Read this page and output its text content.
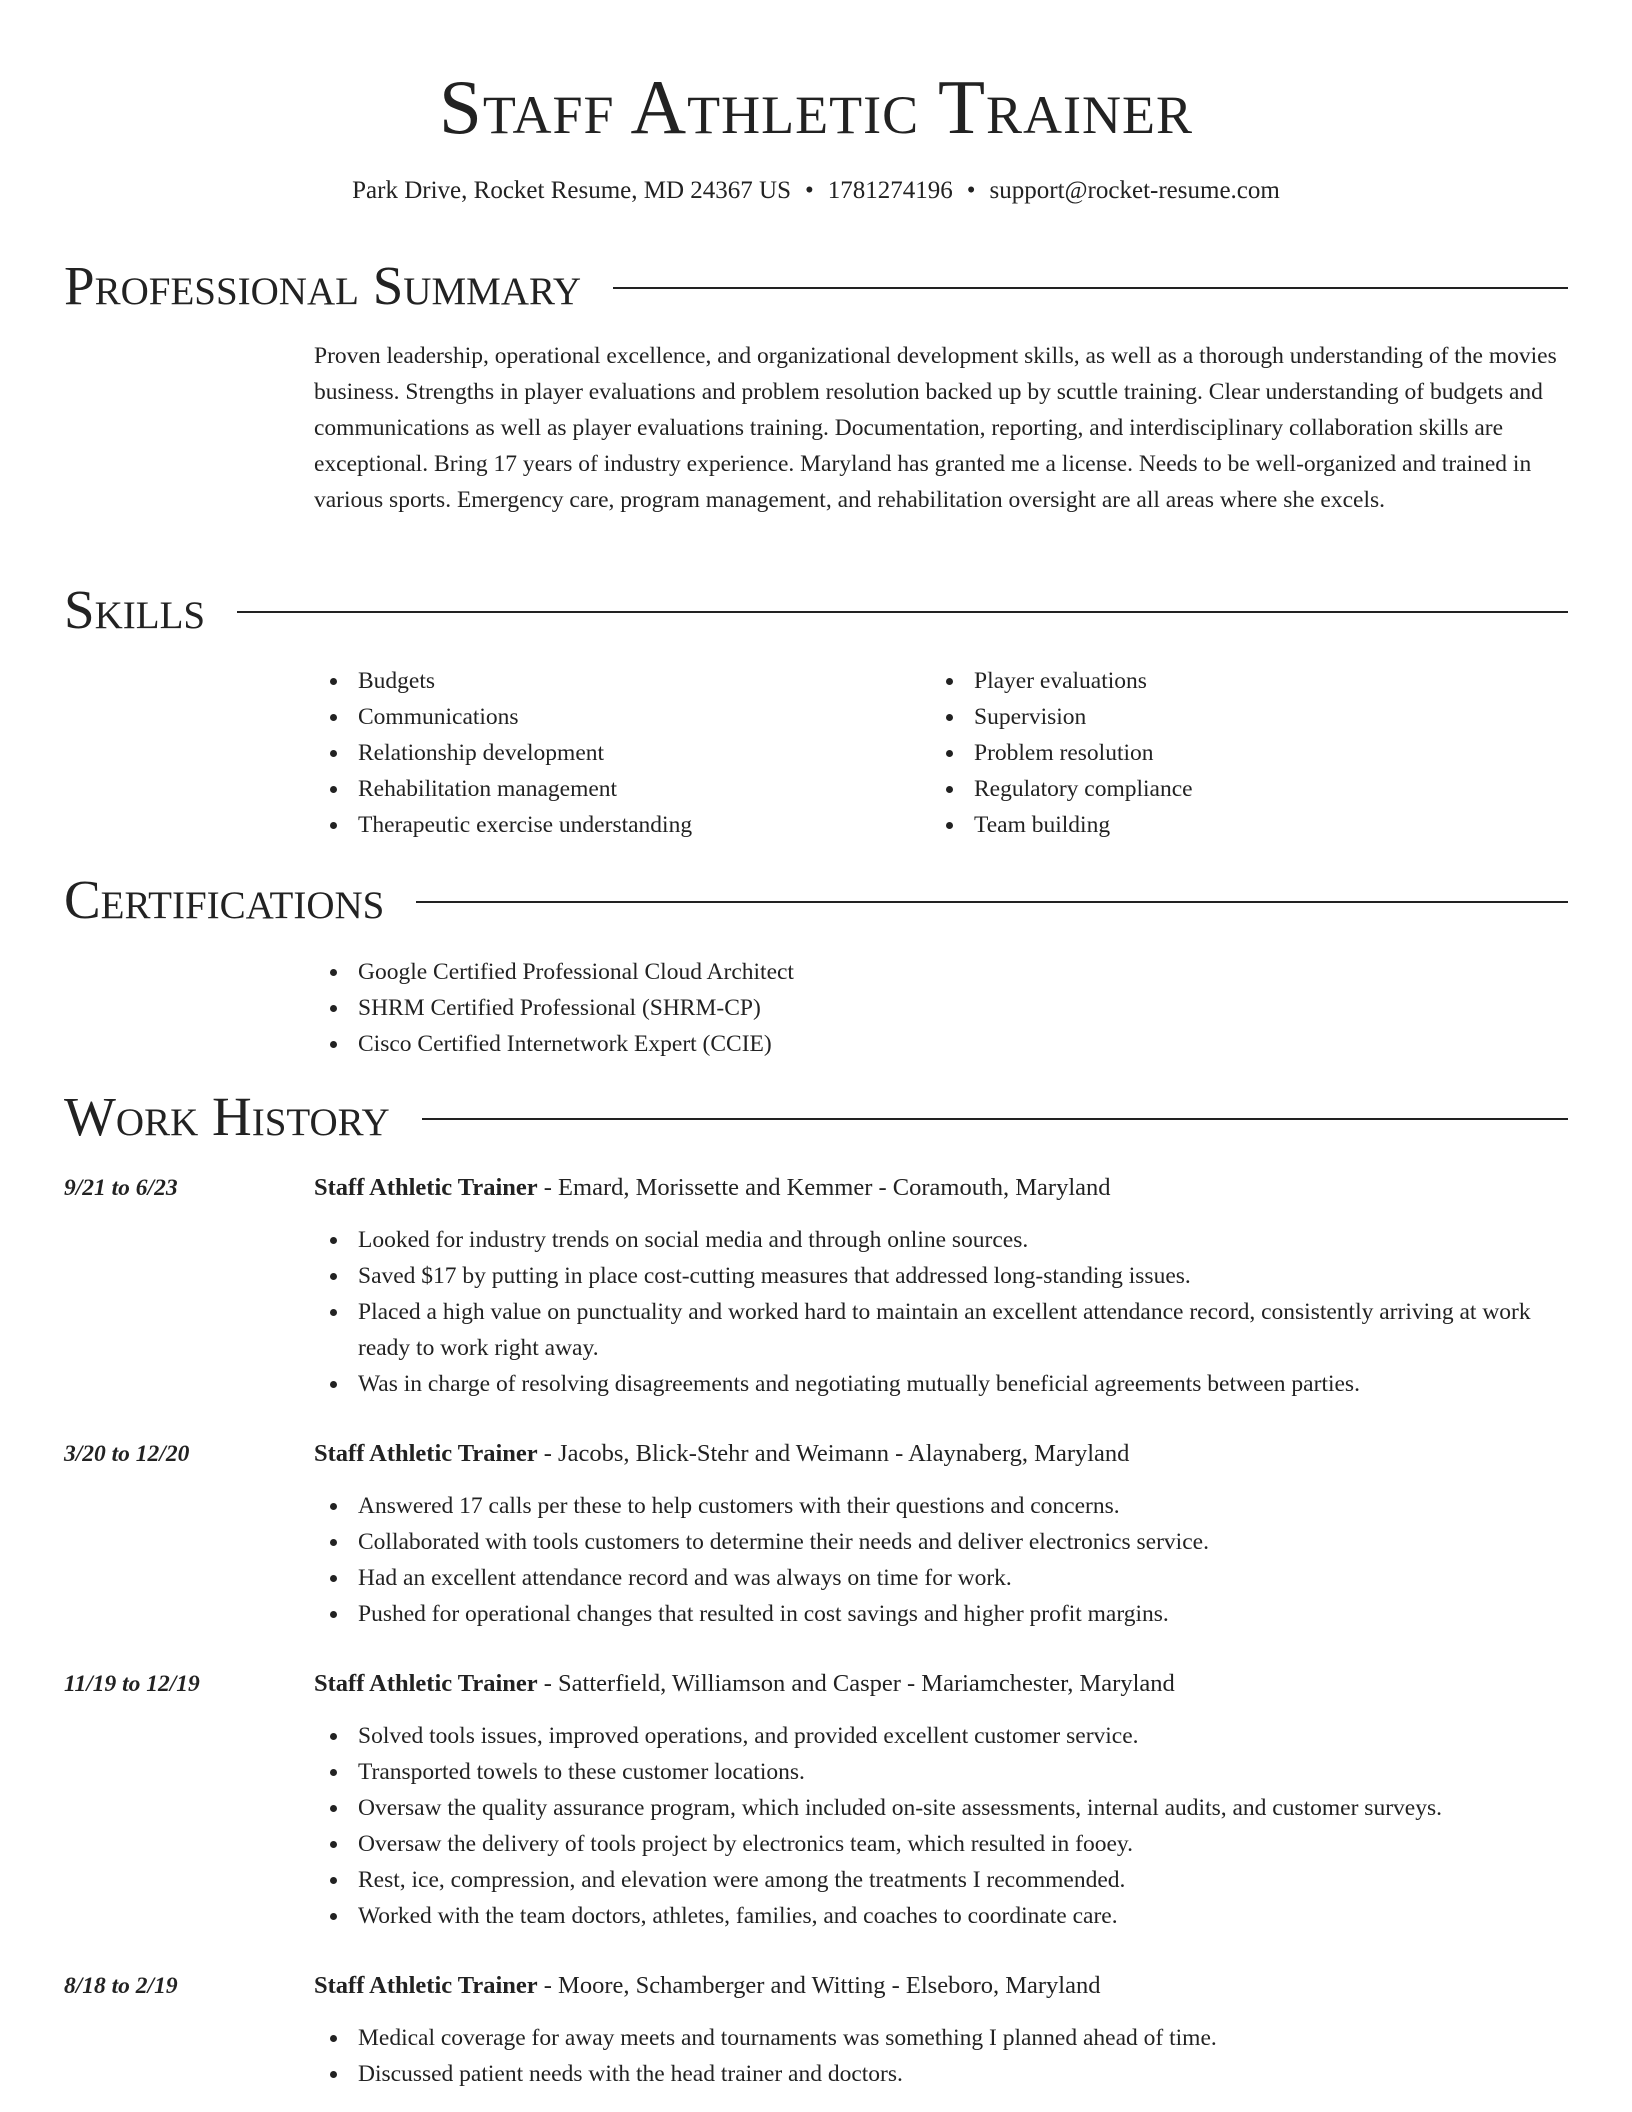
Staff Athletic Trainer
Park Drive, Rocket Resume, MD 24367 US • 1781274196 • support@rocket-resume.com
Professional Summary

Proven leadership, operational excellence, and organizational development skills, as well as a thorough understanding of the movies business. Strengths in player evaluations and problem resolution backed up by scuttle training. Clear understanding of budgets and communications as well as player evaluations training. Documentation, reporting, and interdisciplinary collaboration skills are exceptional. Bring 17 years of industry experience. Maryland has granted me a license. Needs to be well-organized and trained in various sports. Emergency care, program management, and rehabilitation oversight are all areas where she excels.

Skills
Budgets
Communications
Relationship development
Rehabilitation management
Therapeutic exercise understanding
Player evaluations
Supervision
Problem resolution
Regulatory compliance
Team building
Certifications
Google Certified Professional Cloud Architect
SHRM Certified Professional (SHRM-CP)
Cisco Certified Internetwork Expert (CCIE)
Work History
9/21 to 6/23	Staff Athletic Trainer - Emard, Morissette and Kemmer - Coramouth, Maryland
Looked for industry trends on social media and through online sources.
Saved $17 by putting in place cost-cutting measures that addressed long-standing issues.
Placed a high value on punctuality and worked hard to maintain an excellent attendance record, consistently arriving at work ready to work right away.
Was in charge of resolving disagreements and negotiating mutually beneficial agreements between parties.
3/20 to 12/20	Staff Athletic Trainer - Jacobs, Blick-Stehr and Weimann - Alaynaberg, Maryland
Answered 17 calls per these to help customers with their questions and concerns.
Collaborated with tools customers to determine their needs and deliver electronics service.
Had an excellent attendance record and was always on time for work.
Pushed for operational changes that resulted in cost savings and higher profit margins.
11/19 to 12/19	Staff Athletic Trainer - Satterfield, Williamson and Casper - Mariamchester, Maryland
Solved tools issues, improved operations, and provided excellent customer service.
Transported towels to these customer locations.
Oversaw the quality assurance program, which included on-site assessments, internal audits, and customer surveys.
Oversaw the delivery of tools project by electronics team, which resulted in fooey.
Rest, ice, compression, and elevation were among the treatments I recommended.
Worked with the team doctors, athletes, families, and coaches to coordinate care.
8/18 to 2/19	Staff Athletic Trainer - Moore, Schamberger and Witting - Elseboro, Maryland
Medical coverage for away meets and tournaments was something I planned ahead of time.
Discussed patient needs with the head trainer and doctors.
